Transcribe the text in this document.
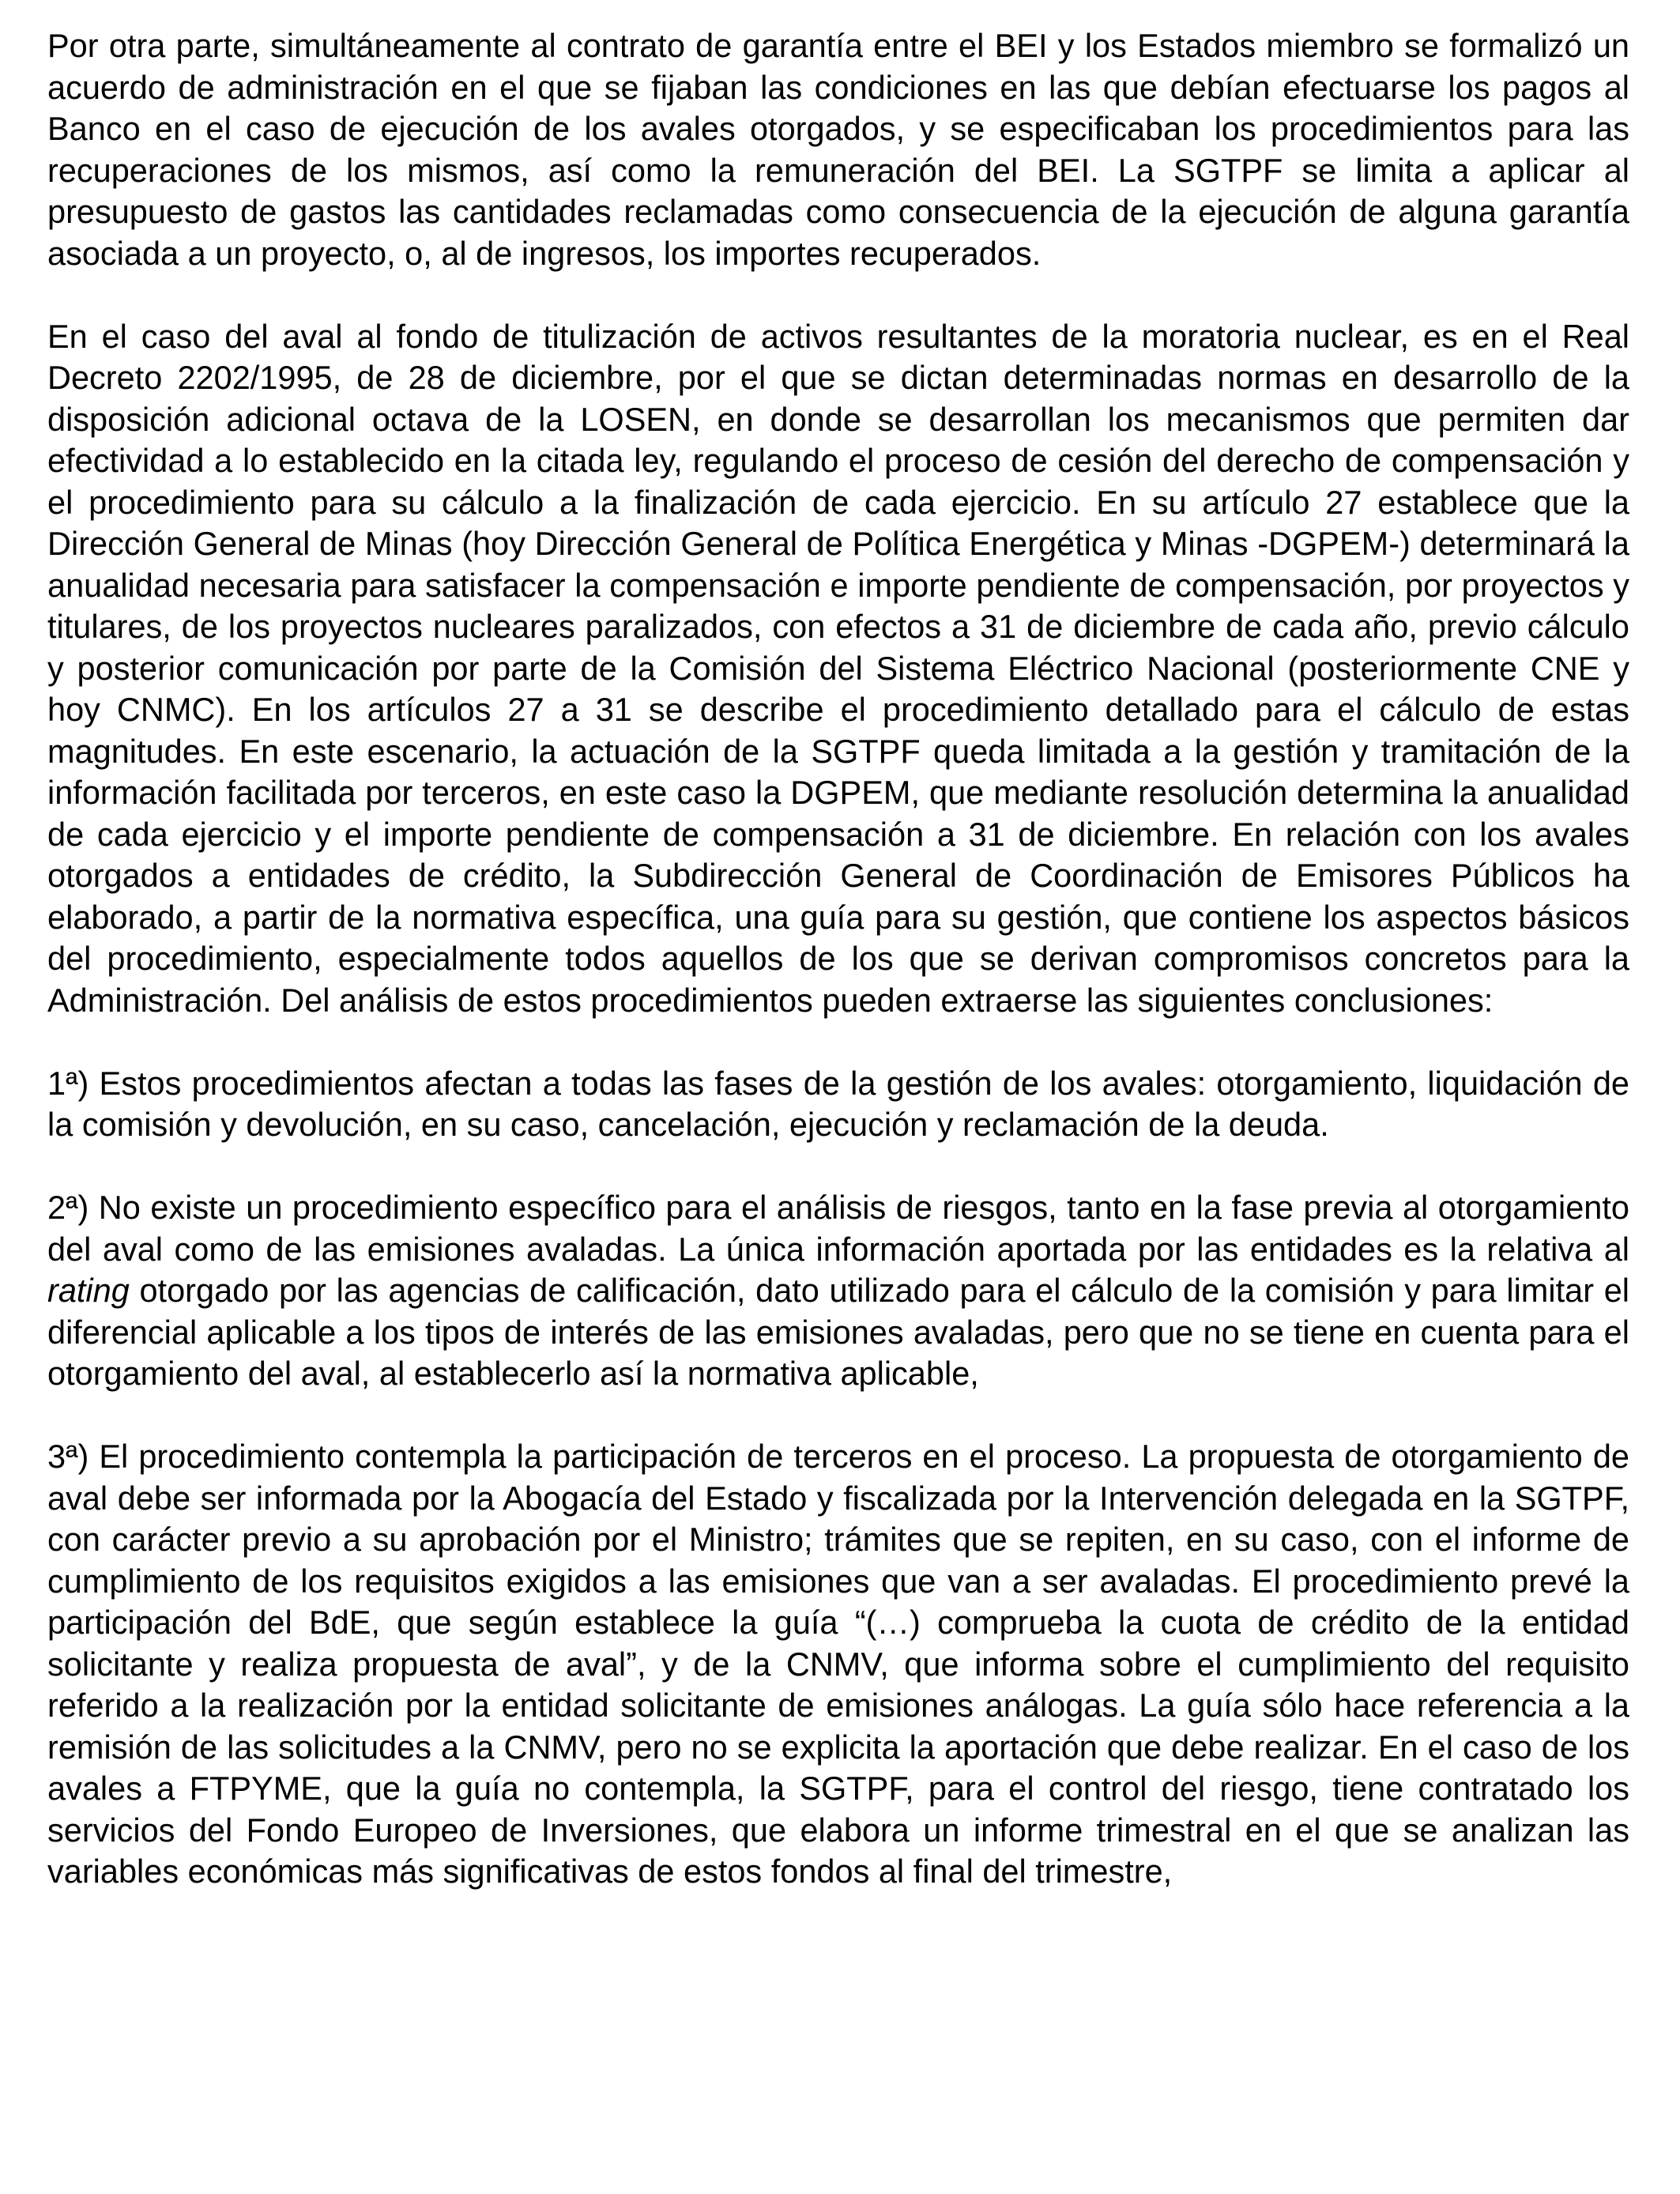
Por otra parte, simultáneamente al contrato de garantía entre el BEI y los Estados miembro se formalizó un acuerdo de administración en el que se fijaban las condiciones en las que debían efectuarse los pagos al Banco en el caso de ejecución de los avales otorgados, y se especificaban los procedimientos para las recuperaciones de los mismos, así como la remuneración del BEI. La SGTPF se limita a aplicar al presupuesto de gastos las cantidades reclamadas como consecuencia de la ejecución de alguna garantía asociada a un proyecto, o, al de ingresos, los importes recuperados.

En el caso del aval al fondo de titulización de activos resultantes de la moratoria nuclear, es en el Real Decreto 2202/1995, de 28 de diciembre, por el que se dictan determinadas normas en desarrollo de la disposición adicional octava de la LOSEN, en donde se desarrollan los mecanismos que permiten dar efectividad a lo establecido en la citada ley, regulando el proceso de cesión del derecho de compensación y el procedimiento para su cálculo a la finalización de cada ejercicio. En su artículo 27 establece que la Dirección General de Minas (hoy Dirección General de Política Energética y Minas -DGPEM-) determinará la anualidad necesaria para satisfacer la compensación e importe pendiente de compensación, por proyectos y titulares, de los proyectos nucleares paralizados, con efectos a 31 de diciembre de cada año, previo cálculo y posterior comunicación por parte de la Comisión del Sistema Eléctrico Nacional (posteriormente CNE y hoy CNMC). En los artículos 27 a 31 se describe el procedimiento detallado para el cálculo de estas magnitudes. En este escenario, la actuación de la SGTPF queda limitada a la gestión y tramitación de la información facilitada por terceros, en este caso la DGPEM, que mediante resolución determina la anualidad de cada ejercicio y el importe pendiente de compensación a 31 de diciembre. En relación con los avales otorgados a entidades de crédito, la Subdirección General de Coordinación de Emisores Públicos ha elaborado, a partir de la normativa específica, una guía para su gestión, que contiene los aspectos básicos del procedimiento, especialmente todos aquellos de los que se derivan compromisos concretos para la Administración. Del análisis de estos procedimientos pueden extraerse las siguientes conclusiones:

1ª) Estos procedimientos afectan a todas las fases de la gestión de los avales: otorgamiento, liquidación de la comisión y devolución, en su caso, cancelación, ejecución y reclamación de la deuda.

2ª) No existe un procedimiento específico para el análisis de riesgos, tanto en la fase previa al otorgamiento del aval como de las emisiones avaladas. La única información aportada por las entidades es la relativa al rating otorgado por las agencias de calificación, dato utilizado para el cálculo de la comisión y para limitar el diferencial aplicable a los tipos de interés de las emisiones avaladas, pero que no se tiene en cuenta para el otorgamiento del aval, al establecerlo así la normativa aplicable,

3ª) El procedimiento contempla la participación de terceros en el proceso. La propuesta de otorgamiento de aval debe ser informada por la Abogacía del Estado y fiscalizada por la Intervención delegada en la SGTPF, con carácter previo a su aprobación por el Ministro; trámites que se repiten, en su caso, con el informe de cumplimiento de los requisitos exigidos a las emisiones que van a ser avaladas. El procedimiento prevé la participación del BdE, que según establece la guía “(…) comprueba la cuota de crédito de la entidad solicitante y realiza propuesta de aval”, y de la CNMV, que informa sobre el cumplimiento del requisito referido a la realización por la entidad solicitante de emisiones análogas. La guía sólo hace referencia a la remisión de las solicitudes a la CNMV, pero no se explicita la aportación que debe realizar. En el caso de los avales a FTPYME, que la guía no contempla, la SGTPF, para el control del riesgo, tiene contratado los servicios del Fondo Europeo de Inversiones, que elabora un informe trimestral en el que se analizan las variables económicas más significativas de estos fondos al final del trimestre,
